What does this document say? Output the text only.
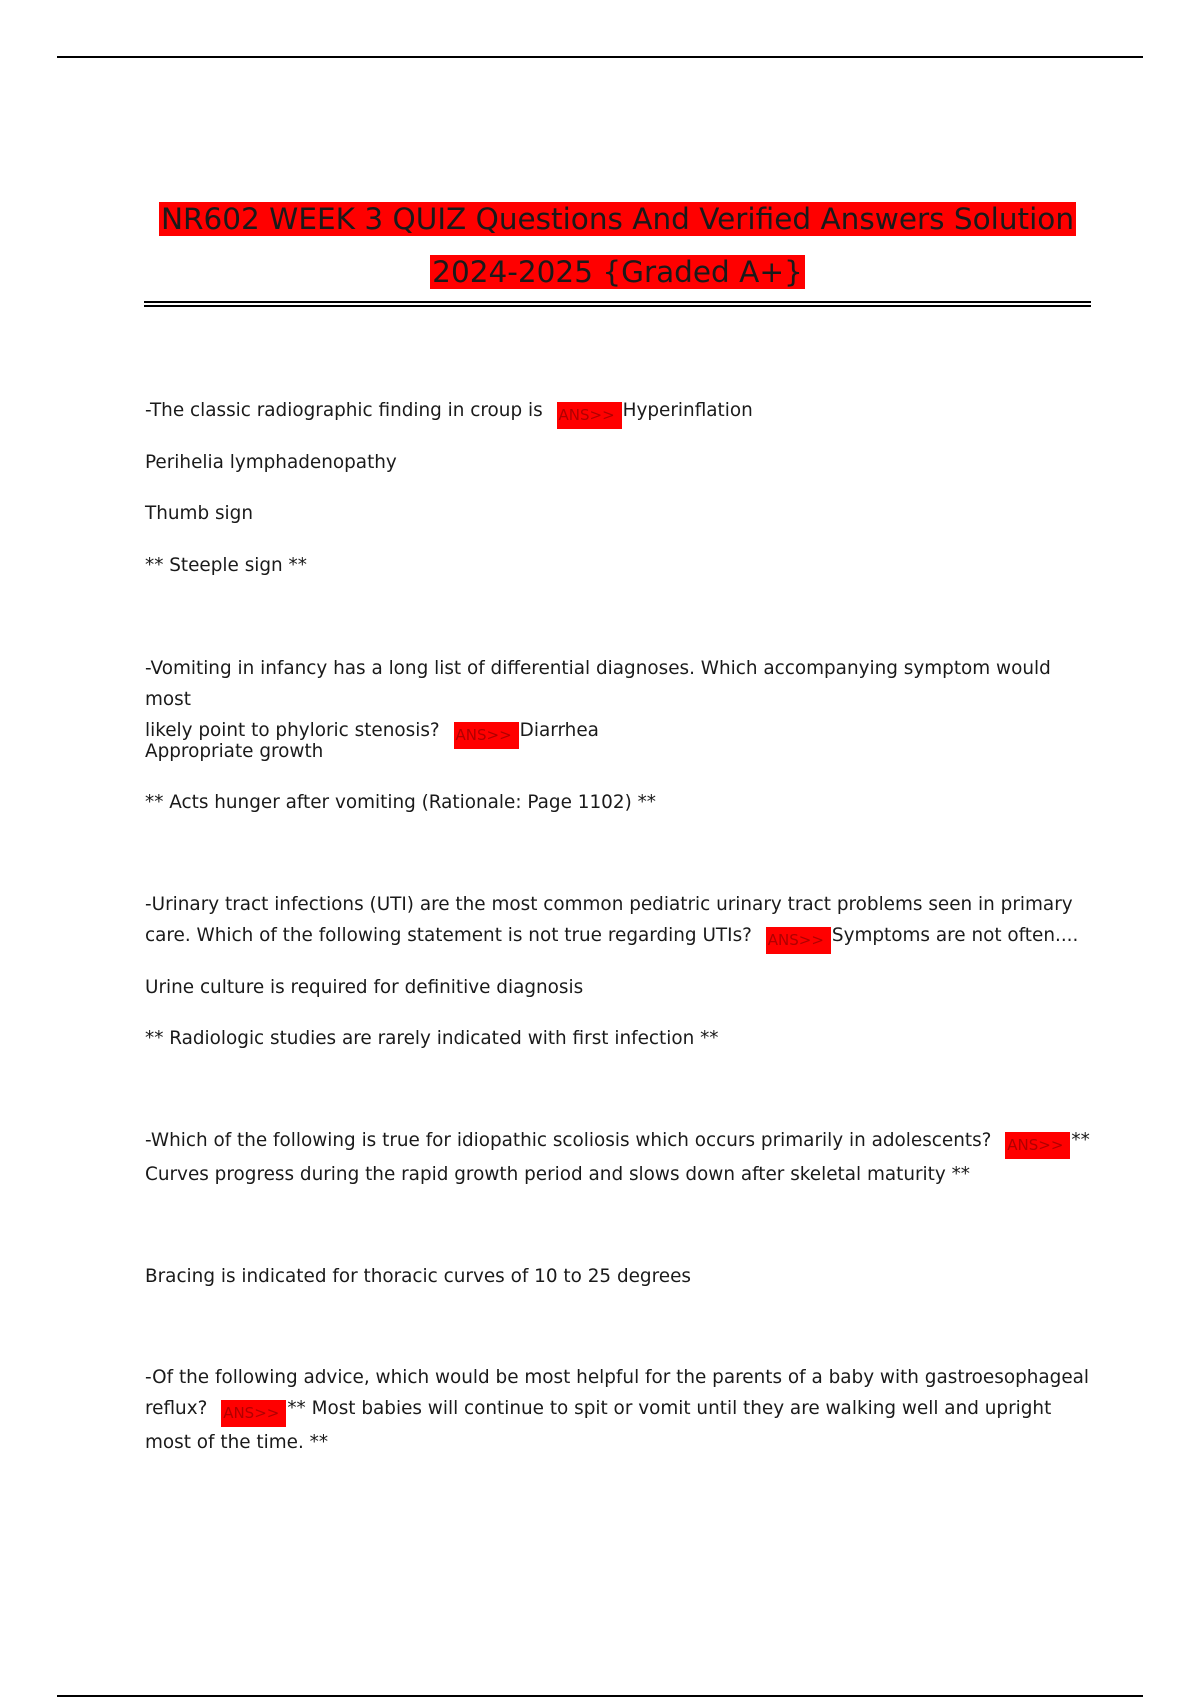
NR602 WEEK 3 QUIZ Questions And Verified Answers Solution
2024-2025 {Graded A+}

-The classic radiographic finding in croup is ANS>> Hyperinflation

Perihelia lymphadenopathy

Thumb sign

** Steeple sign **

-Vomiting in infancy has a long list of differential diagnoses. Which accompanying symptom would most
likely point to phyloric stenosis? ANS>> Diarrhea

Appropriate growth

** Acts hunger after vomiting (Rationale: Page 1102) **

-Urinary tract infections (UTI) are the most common pediatric urinary tract problems seen in primary
care. Which of the following statement is not true regarding UTIs? ANS>> Symptoms are not often....

Urine culture is required for definitive diagnosis

** Radiologic studies are rarely indicated with first infection **

-Which of the following is true for idiopathic scoliosis which occurs primarily in adolescents? ANS>> **
Curves progress during the rapid growth period and slows down after skeletal maturity **

Bracing is indicated for thoracic curves of 10 to 25 degrees

-Of the following advice, which would be most helpful for the parents of a baby with gastroesophageal
reflux? ANS>> ** Most babies will continue to spit or vomit until they are walking well and upright
most of the time. **
